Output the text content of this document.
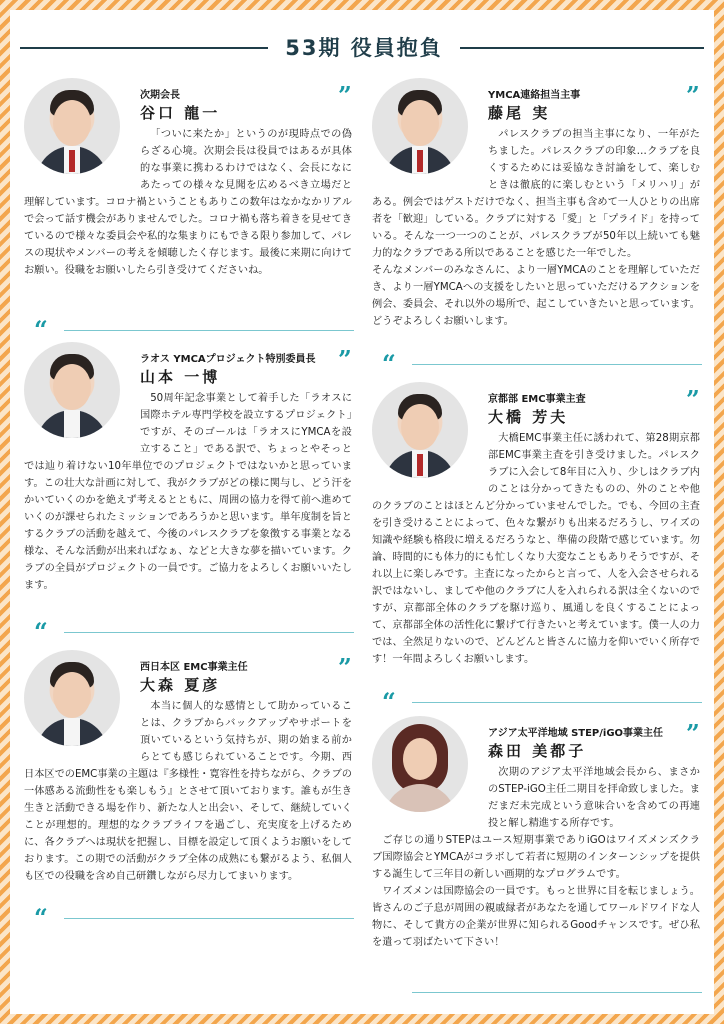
53期 役員抱負
次期会長
谷口 龍一
”

「ついに来たか」というのが現時点での偽らざる心境。次期会長は役員ではあるが具体的な事業に携わるわけではなく、会長になにあたっての様々な見聞を広めるべき立場だと理解しています。コロナ禍ということもありこの数年はなかなかリアルで会って話す機会がありませんでした。コロナ禍も落ち着きを見せてきているので様々な委員会や私的な集まりにもできる限り参加して、パレスの現状やメンバーの考えを傾聴したく存じます。最後に来期に向けてお願い。役職をお願いしたら引き受けてくださいね。

“
ラオス YMCAプロジェクト特別委員長
山本 一博
”

50周年記念事業として着手した「ラオスに国際ホテル専門学校を設立するプロジェクト」ですが、そのゴールは「ラオスにYMCAを設立すること」である訳で、ちょっとやそっとでは辿り着けない10年単位でのプロジェクトではないかと思っています。この壮大な計画に対して、我がクラブがどの様に関与し、どう汗をかいていくのかを絶えず考えるとともに、周囲の協力を得て前へ進めていくのが課せられたミッションであろうかと思います。単年度制を旨とするクラブの活動を越えて、今後のパレスクラブを象徴する事業となる様な、そんな活動が出来ればなぁ、などと大きな夢を描いています。クラブの全員がプロジェクトの一員です。ご協力をよろしくお願いいたします。

“
西日本区 EMC事業主任
大森 夏彦
”

本当に個人的な感情として助かっていることは、クラブからバックアップやサポートを頂いているという気持ちが、期の始まる前からとても感じられていることです。今期、西日本区でのEMC事業の主題は『多様性・寛容性を持ちながら、クラブの一体感ある流動性をも楽しもう』とさせて頂いております。誰もが生き生きと活動できる場を作り、新たな人と出会い、そして、継続していくことが理想的。理想的なクラブライフを過ごし、充実度を上げるために、各クラブへは現状を把握し、目標を設定して頂くようお願いをしております。この期での活動がクラブ全体の成熟にも繋がるよう、私個人も区での役職を含め自己研鑽しながら尽力してまいります。

“
YMCA連絡担当主事
藤尾 実
”

パレスクラブの担当主事になり、一年がたちました。パレスクラブの印象…クラブを良くするためには妥協なき討論をして、楽しむときは徹底的に楽しむという「メリハリ」がある。例会ではゲストだけでなく、担当主事も含めて一人ひとりの出席者を「歓迎」している。クラブに対する「愛」と「プライド」を持っている。そんな一つ一つのことが、パレスクラブが50年以上続いても魅力的なクラブである所以であることを感じた一年でした。

そんなメンバーのみなさんに、より一層YMCAのことを理解していただき、より一層YMCAへの支援をしたいと思っていただけるアクションを例会、委員会、それ以外の場所で、起こしていきたいと思っています。どうぞよろしくお願いします。

“
京都部 EMC事業主査
大橋 芳夫
”

大橋EMC事業主任に誘われて、第28期京都部EMC事業主査を引き受けました。パレスクラブに入会して8年目に入り、少しはクラブ内のことは分かってきたものの、外のことや他のクラブのことはほとんど分かっていませんでした。でも、今回の主査を引き受けることによって、色々な繋がりも出来るだろうし、ワイズの知識や経験も格段に増えるだろうなと、準備の段階で感じています。勿論、時間的にも体力的にも忙しくなり大変なこともありそうですが、それ以上に楽しみです。主査になったからと言って、人を入会させられる訳ではないし、ましてや他のクラブに人を入れられる訳は全くないのですが、京都部全体のクラブを駆け巡り、風通しを良くすることによって、京都部全体の活性化に繋げて行きたいと考えています。僕一人の力では、全然足りないので、どんどんと皆さんに協力を仰いでいく所存です！一年間よろしくお願いします。

“
アジア太平洋地域 STEP/iGO事業主任
森田 美都子
”

次期のアジア太平洋地域会長から、まさかのSTEP-iGO主任二期目を拝命致しました。まだまだ未完成という意味合いを含めての再連投と解し精進する所存です。

ご存じの通りSTEPはユース短期事業でありiGOはワイズメンズクラブ国際協会とYMCAがコラボして若者に短期のインターンシップを提供する誕生して三年目の新しい画期的なプログラムです。

ワイズメンは国際協会の一員です。もっと世界に目を転じましょう。皆さんのご子息が周囲の親戚縁者があなたを通してワールドワイドな人物に、そして貴方の企業が世界に知られるGoodチャンスです。ぜひ私を遣って羽ばたいて下さい！
